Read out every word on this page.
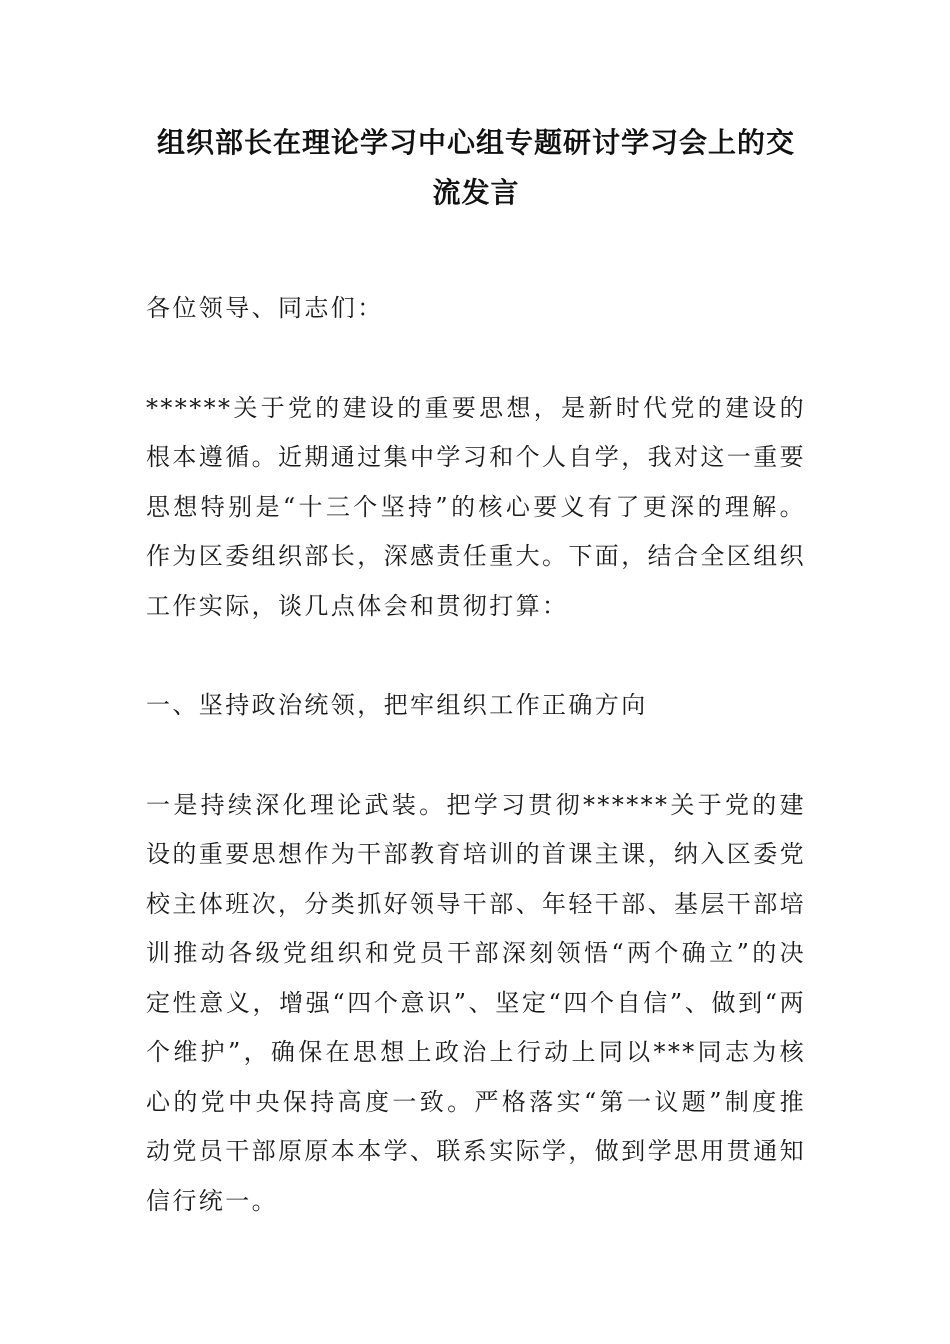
组织部长在理论学习中心组专题研讨学习会上的交流发言

各位领导、同志们：

******关于党的建设的重要思想，是新时代党的建设的根本遵循。近期通过集中学习和个人自学，我对这一重要思想特别是“十三个坚持”的核心要义有了更深的理解。作为区委组织部长，深感责任重大。下面，结合全区组织工作实际，谈几点体会和贯彻打算：

一、坚持政治统领，把牢组织工作正确方向

一是持续深化理论武装。把学习贯彻******关于党的建设的重要思想作为干部教育培训的首课主课，纳入区委党校主体班次，分类抓好领导干部、年轻干部、基层干部培训推动各级党组织和党员干部深刻领悟“两个确立”的决定性意义，增强“四个意识”、坚定“四个自信”、做到“两个维护”，确保在思想上政治上行动上同以***同志为核心的党中央保持高度一致。严格落实“第一议题”制度推动党员干部原原本本学、联系实际学，做到学思用贯通知信行统一。
